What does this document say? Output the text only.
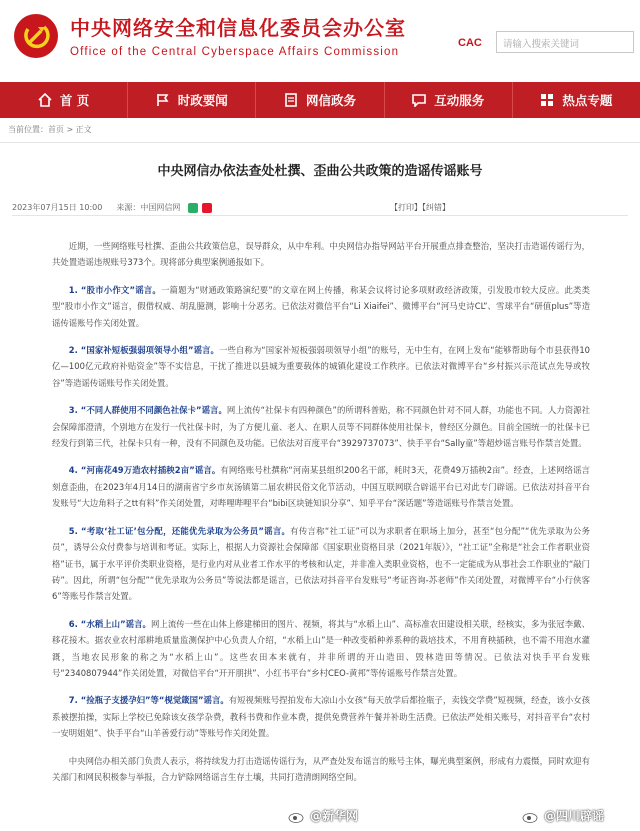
中央网络安全和信息化委员会办公室
Office of the Central Cyberspace Affairs Commission
CAC	请输入搜索关键词
首 页	时政要闻	网信政务	互动服务	热点专题
当前位置：首页 > 正文
中央网信办依法查处杜撰、歪曲公共政策的造谣传谣账号
2023年07月15日 10:00 来源：中国网信网	【打印】【纠错】

近期，一些网络账号杜撰、歪曲公共政策信息，误导群众，从中牟利。中央网信办指导网站平台开展重点排查整治，坚决打击造谣传谣行为，共处置造谣违规账号373个。现将部分典型案例通报如下。

1. “股市小作文”谣言。一篇题为“财通政策路演纪要”的文章在网上传播，称某会议将讨论多项财政经济政策，引发股市较大反应。此类类型“股市小作文”谣言，假借权威、胡乱臆测，影响十分恶劣。已依法对微信平台“Li Xiaifei”、微博平台“河马史诗CL”、雪球平台“研值plus”等造谣传谣账号作关闭处置。

2. “国家补短板强弱项领导小组”谣言。一些自称为“国家补短板强弱项领导小组”的账号，无中生有，在网上发布“能够帮助每个市县获得10亿—100亿元政府补贴资金”等不实信息，干扰了推进以县城为重要载体的城镇化建设工作秩序。已依法对微博平台“乡村振兴示范试点先导或牧谷”等造谣传谣账号作关闭处置。

3. “不同人群使用不同颜色社保卡”谣言。网上流传“社保卡有四种颜色”的所谓科普贴，称不同颜色针对不同人群，功能也不同。人力资源社会保障部澄清，个别地方在发行一代社保卡时，为了方便儿童、老人、在职人员等不同群体使用社保卡，曾经区分颜色。目前全国统一的社保卡已经发行到第三代，社保卡只有一种，没有不同颜色及功能。已依法对百度平台“3929737073”、快手平台“Sally童”等超炒谣言账号作禁言处置。

4. “河南花49万造农村插秧2亩”谣言。有网络账号杜撰称“河南某县组织200名干部，耗时3天，花费49万插秧2亩”。经查，上述网络谣言刻意歪曲，在2023年4月14日的湖南省宁乡市灰汤镇第二届农耕民俗文化节活动，中国互联网联合辟谣平台已对此专门辟谣。已依法对抖音平台发账号“大边角料子之tt有料”作关闭处置，对哔哩哔哩平台“bibi区块链知识分享”、知乎平台“深话题”等造谣账号作禁言处置。

5. “考取‘社工证’包分配，还能优先录取为公务员”谣言。有传言称“社工证”可以为求职者在职场上加分，甚至“包分配”“优先录取为公务员”，诱导公众付费参与培训和考证。实际上，根据人力资源社会保障部《国家职业资格目录（2021年版）》，“社工证”全称是“社会工作者职业资格”证书，属于水平评价类职业资格，是行业内对从业者工作水平的考核和认定，并非准入类职业资格，也不一定能成为从事社会工作职业的“敲门砖”。因此，所谓“包分配”“优先录取为公务员”等说法都是谣言，已依法对抖音平台发账号“考证咨询-苏老师”作关闭处置，对微博平台“小行侠客6”等账号作禁言处置。

6. “水稻上山”谣言。网上流传一些在山体上修建梯田的图片、视频，将其与“水稻上山”、高标准农田建设相关联，经核实，多为张冠李戴、移花接木。据农业农村部耕地质量监测保护中心负责人介绍，“水稻上山”是一种改变稻种养系种的栽培技术，不用育秧插秧，也不需不用泡水灌溉，当地农民形象的称之为“水稻上山”。这些农田本来就有，并非所谓的开山造田、毁林造田等情况。已依法对快手平台发账号“2340807944”作关闭处置，对微信平台“开开朋拱”、小红书平台“乡村CEO-黄邦”等传谣账号作禁言处置。

7. “捡瓶子支援孕妇”等“枧觉箴国”谣言。有短视频账号捏拍发布大凉山小女孩“每天放学后都捡瓶子，卖钱交学费”短视频，经查，该小女孩系被摆拍操，实际上学校已免除该女孩学杂费，教科书费和作业本费，提供免费营养午餐并补助生活费。已依法严处相关账号，对抖音平台“农村一安明姐姐”、快手平台“山羊善爱行动”等账号作关闭处置。

中央网信办相关部门负责人表示，将持续发力打击造谣传谣行为，从严查处发布谣言的账号主体，曝光典型案例，形成有力震慑，同时欢迎有关部门和网民积极参与举报，合力铲除网络谣言生存土壤，共同打造清朗网络空间。

@新华网	@四川辟谣
